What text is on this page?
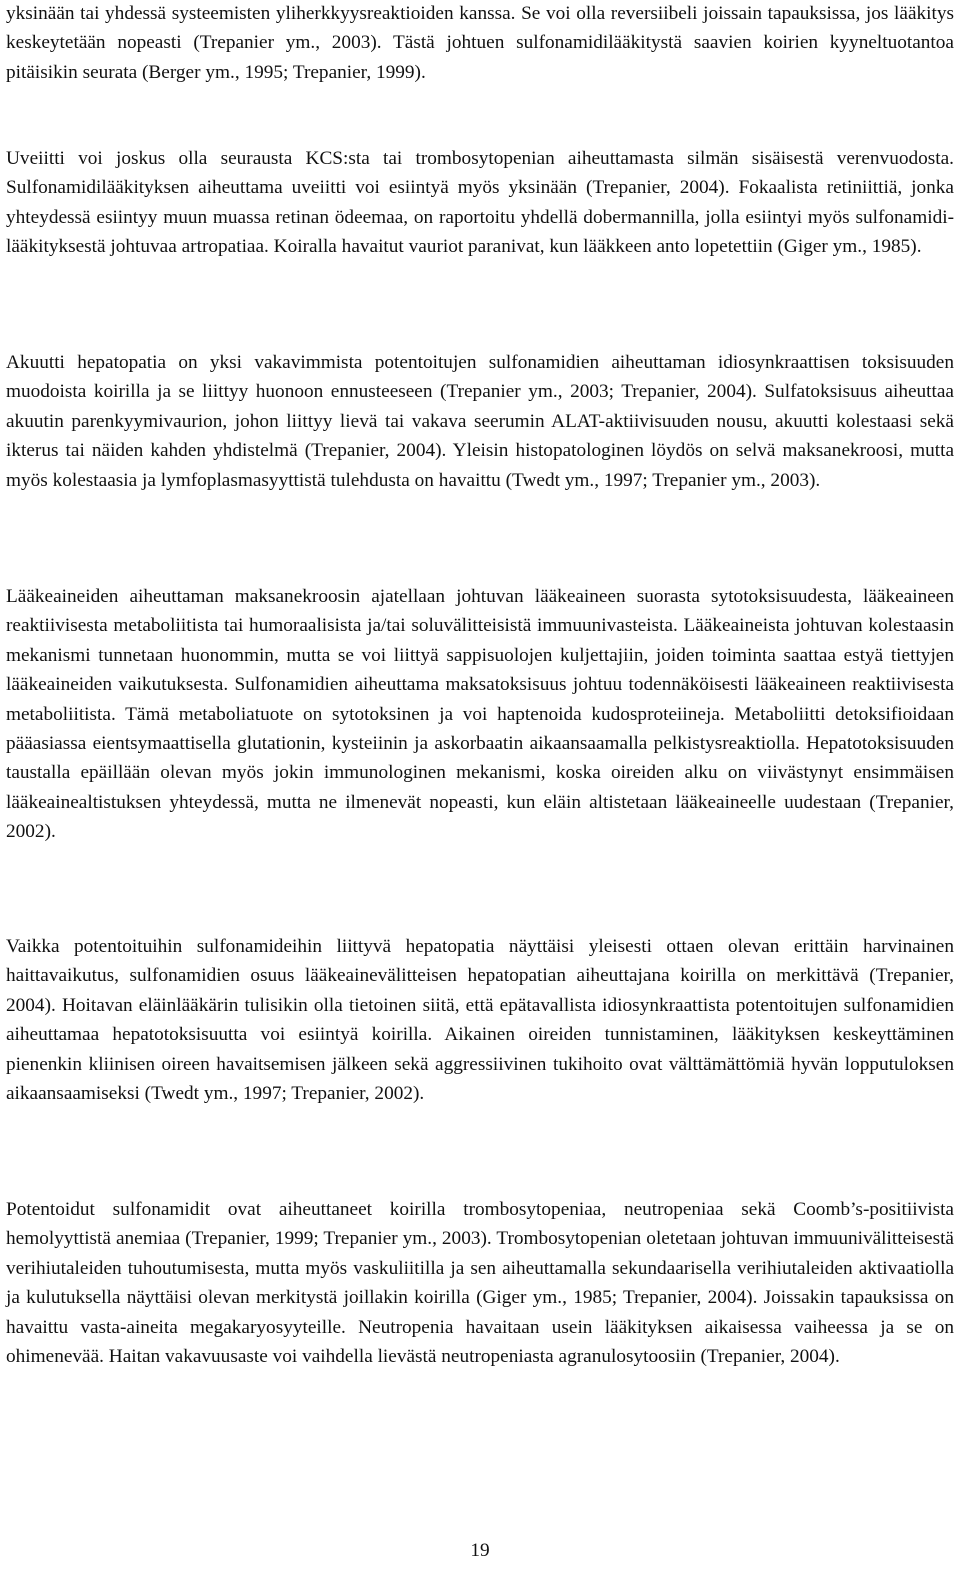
yksinään tai yhdessä systeemisten yliherkkyysreaktioiden kanssa. Se voi olla reversiibeli joissain tapauksissa, jos lääkitys keskeytetään nopeasti (Trepanier ym., 2003). Tästä johtuen sulfonamidilääkitystä saavien koirien kyyneltuotantoa pitäisikin seurata (Berger ym., 1995; Trepanier, 1999).

Uveiitti voi joskus olla seurausta KCS:sta tai trombosytopenian aiheuttamasta silmän sisäisestä verenvuodosta. Sulfonamidilääkityksen aiheuttama uveiitti voi esiintyä myös yksinään (Trepanier, 2004). Fokaalista retiniittiä, jonka yhteydessä esiintyy muun muassa retinan ödeemaa, on raportoitu yhdellä dobermannilla, jolla esiintyi myös sulfonamidilääkityksestä johtuvaa artropatiaa. Koiralla havaitut vauriot paranivat, kun lääkkeen anto lopetettiin (Giger ym., 1985).

Akuutti hepatopatia on yksi vakavimmista potentoitujen sulfonamidien aiheuttaman idiosynkraattisen toksisuuden muodoista koirilla ja se liittyy huonoon ennusteeseen (Trepanier ym., 2003; Trepanier, 2004). Sulfatoksisuus aiheuttaa akuutin parenkyymivaurion, johon liittyy lievä tai vakava seerumin ALAT-aktiivisuuden nousu, akuutti kolestaasi sekä ikterus tai näiden kahden yhdistelmä (Trepanier, 2004). Yleisin histopatologinen löydös on selvä maksanekroosi, mutta myös kolestaasia ja lymfoplasmasyyttistä tulehdusta on havaittu (Twedt ym., 1997; Trepanier ym., 2003).

Lääkeaineiden aiheuttaman maksanekroosin ajatellaan johtuvan lääkeaineen suorasta sytotoksisuudesta, lääkeaineen reaktiivisesta metaboliitista tai humoraalisista ja/tai soluvälitteisistä immuunivasteista. Lääkeaineista johtuvan kolestaasin mekanismi tunnetaan huonommin, mutta se voi liittyä sappisuolojen kuljettajiin, joiden toiminta saattaa estyä tiettyjen lääkeaineiden vaikutuksesta. Sulfonamidien aiheuttama maksatoksisuus johtuu todennäköisesti lääkeaineen reaktiivisesta metaboliitista. Tämä metaboliatuote on sytotoksinen ja voi haptenoida kudosproteiineja. Metaboliitti detoksifioidaan pääasiassa eientsymaattisella glutationin, kysteiinin ja askorbaatin aikaansaamalla pelkistysreaktiolla. Hepatotoksisuuden taustalla epäillään olevan myös jokin immunologinen mekanismi, koska oireiden alku on viivästynyt ensimmäisen lääkeainealtistuksen yhteydessä, mutta ne ilmenevät nopeasti, kun eläin altistetaan lääkeaineelle uudestaan (Trepanier, 2002).

Vaikka potentoituihin sulfonamideihin liittyvä hepatopatia näyttäisi yleisesti ottaen olevan erittäin harvinainen haittavaikutus, sulfonamidien osuus lääkeainevälitteisen hepatopatian aiheuttajana koirilla on merkittävä (Trepanier, 2004). Hoitavan eläinlääkärin tulisikin olla tietoinen siitä, että epätavallista idiosynkraattista potentoitujen sulfonamidien aiheuttamaa hepatotoksisuutta voi esiintyä koirilla. Aikainen oireiden tunnistaminen, lääkityksen keskeyttäminen pienenkin kliinisen oireen havaitsemisen jälkeen sekä aggressiivinen tukihoito ovat välttämättömiä hyvän lopputuloksen aikaansaamiseksi (Twedt ym., 1997; Trepanier, 2002).

Potentoidut sulfonamidit ovat aiheuttaneet koirilla trombosytopeniaa, neutropeniaa sekä Coomb’s-positiivista hemolyyttistä anemiaa (Trepanier, 1999; Trepanier ym., 2003). Trombosytopenian oletetaan johtuvan immuunivälitteisestä verihiutaleiden tuhoutumisesta, mutta myös vaskuliitilla ja sen aiheuttamalla sekundaarisella verihiutaleiden aktivaatiolla ja kulutuksella näyttäisi olevan merkitystä joillakin koirilla (Giger ym., 1985; Trepanier, 2004). Joissakin tapauksissa on havaittu vasta-aineita megakaryosyyteille. Neutropenia havaitaan usein lääkityksen aikaisessa vaiheessa ja se on ohimenevää. Haitan vakavuusaste voi vaihdella lievästä neutropeniasta agranulosytoosiin (Trepanier, 2004).

19
